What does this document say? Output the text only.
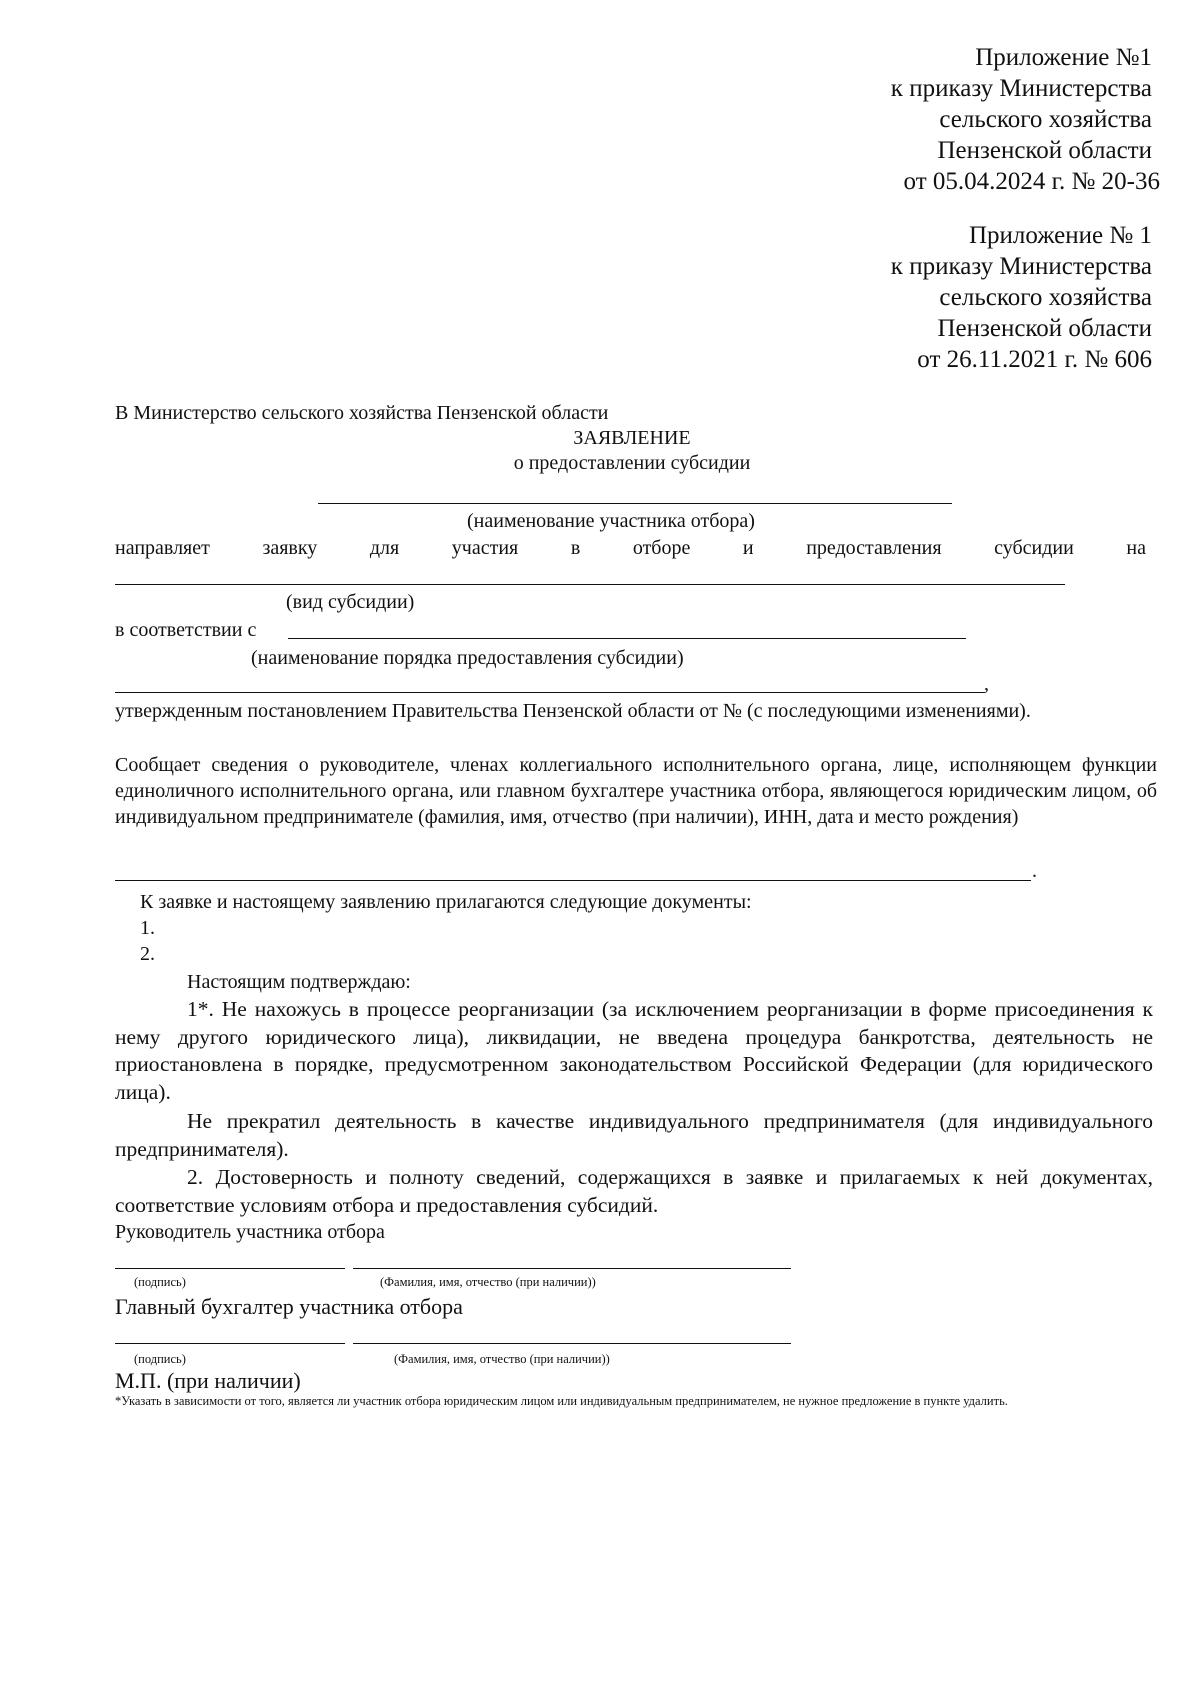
Приложение №1
к приказу Министерства
сельского хозяйства
Пензенской области
от 05.04.2024 г. № 20-36
Приложение № 1
к приказу Министерства
сельского хозяйства
Пензенской области
от 26.11.2021 г. № 606
В Министерство сельского хозяйства Пензенской области
ЗАЯВЛЕНИЕ
о предоставлении субсидии
(наименование участника отбора)
направляет	заявку	для	участия	в	отборе	и	предоставления	субсидии	на
(вид субсидии)
в соответствии с
(наименование порядка предоставления субсидии)
,
утвержденным постановлением Правительства Пензенской области от № (с последующими изменениями).
Сообщает сведения о руководителе, членах коллегиального исполнительного органа, лице, исполняющем функции единоличного исполнительного органа, или главном бухгалтере участника отбора, являющегося юридическим лицом, об индивидуальном предпринимателе (фамилия, имя, отчество (при наличии), ИНН, дата и место рождения)
.
К заявке и настоящему заявлению прилагаются следующие документы:
1.
2.
Настоящим подтверждаю:
1*. Не нахожусь в процессе реорганизации (за исключением реорганизации в форме присоединения к нему другого юридического лица), ликвидации, не введена процедура банкротства, деятельность не приостановлена в порядке, предусмотренном законодательством Российской Федерации (для юридического лица).
Не прекратил деятельность в качестве индивидуального предпринимателя (для индивидуального предпринимателя).
2. Достоверность и полноту сведений, содержащихся в заявке и прилагаемых к ней документах, соответствие условиям отбора и предоставления субсидий.
Руководитель участника отбора
(подпись)	(Фамилия, имя, отчество (при наличии))
Главный бухгалтер участника отбора
(подпись)	(Фамилия, имя, отчество (при наличии))
М.П. (при наличии)
*Указать в зависимости от того, является ли участник отбора юридическим лицом или индивидуальным предпринимателем, не нужное предложение в пункте удалить.
